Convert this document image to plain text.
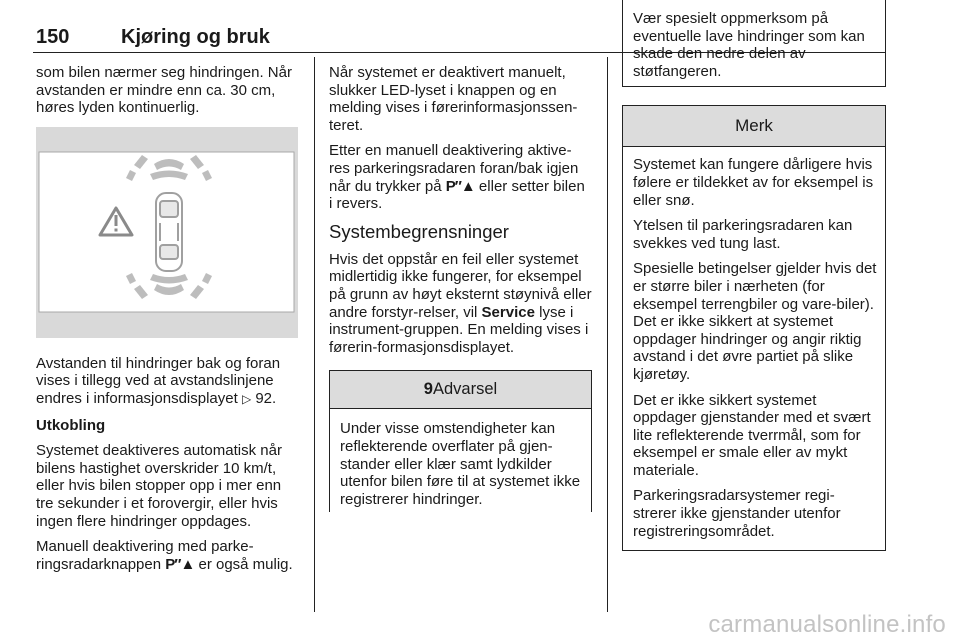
150	Kjøring og bruk

som bilen nærmer seg hindringen. Når avstanden er mindre enn ca. 30 cm, høres lyden kontinuerlig.

Avstanden til hindringer bak og foran vises i tillegg ved at avstandslinjene endres i informasjonsdisplayet ▷ 92.

Utkobling

Systemet deaktiveres automatisk når bilens hastighet overskrider 10 km/t, eller hvis bilen stopper opp i mer enn tre sekunder i et forovergir, eller hvis ingen flere hindringer oppdages.

Manuell deaktivering med parke-ringsradarknappen P″▲ er også mulig.

Når systemet er deaktivert manuelt, slukker LED-lyset i knappen og en melding vises i førerinformasjonssen-teret.

Etter en manuell deaktivering aktive-res parkeringsradaren foran/bak igjen når du trykker på P″▲ eller setter bilen i revers.

Systembegrensninger

Hvis det oppstår en feil eller systemet midlertidig ikke fungerer, for eksempel på grunn av høyt eksternt støynivå eller andre forstyr-relser, vil Service lyse i instrument-gruppen. En melding vises i førerin-formasjonsdisplayet.

9Advarsel
Under visse omstendigheter kan reflekterende overflater på gjen-stander eller klær samt lydkilder utenfor bilen føre til at systemet ikke registrerer hindringer.
Vær spesielt oppmerksom på eventuelle lave hindringer som kan skade den nedre delen av støtfangeren.
Merk

Systemet kan fungere dårligere hvis følere er tildekket av for eksempel is eller snø.

Ytelsen til parkeringsradaren kan svekkes ved tung last.

Spesielle betingelser gjelder hvis det er større biler i nærheten (for eksempel terrengbiler og vare-biler). Det er ikke sikkert at systemet oppdager hindringer og angir riktig avstand i det øvre partiet på slike kjøretøy.

Det er ikke sikkert systemet oppdager gjenstander med et svært lite reflekterende tverrmål, som for eksempel er smale eller av mykt materiale.

Parkeringsradarsystemer regi-strerer ikke gjenstander utenfor registreringsområdet.

carmanualsonline.info
